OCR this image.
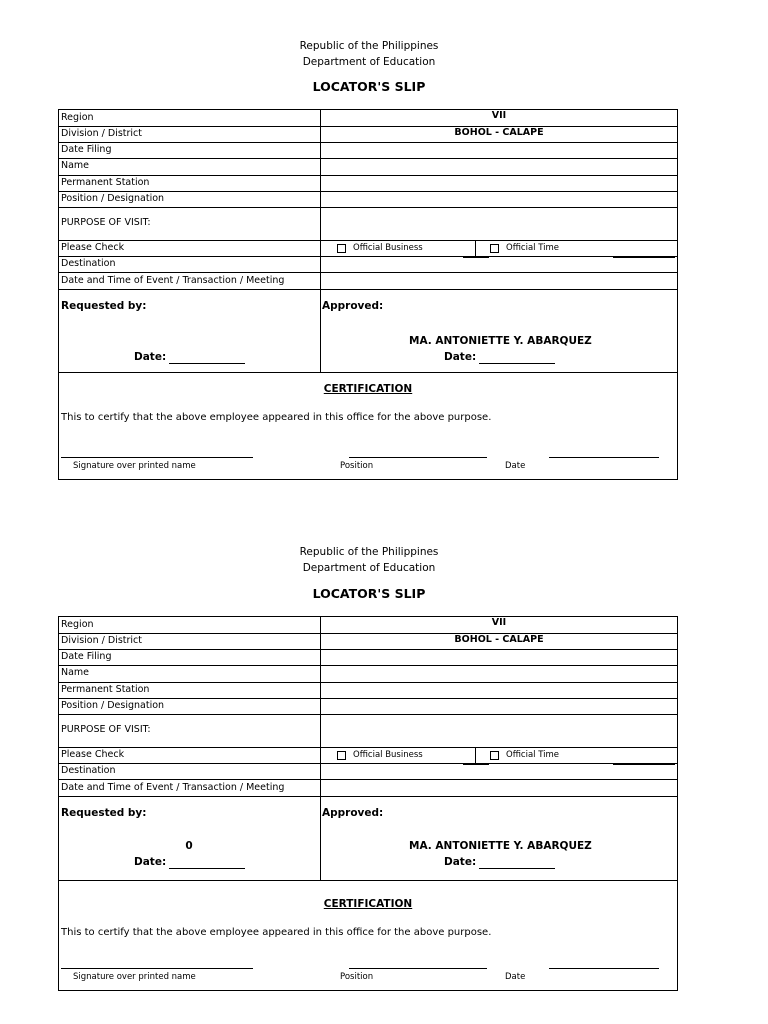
Republic of the Philippines
Department of Education
LOCATOR'S SLIP
Region	VII
Division / District	BOHOL - CALAPE
Date Filing
Name
Permanent Station
Position / Designation
PURPOSE OF VISIT:
Please Check	Official Business	Official Time
Destination
Date and Time of Event / Transaction / Meeting
Requested by:
Date:
Approved:
MA. ANTONIETTE Y. ABARQUEZ
Date:
CERTIFICATION
This to certify that the above employee appeared in this office for the above purpose.
Signature over printed name	Position	Date
Republic of the Philippines
Department of Education
LOCATOR'S SLIP
Region	VII
Division / District	BOHOL - CALAPE
Date Filing
Name
Permanent Station
Position / Designation
PURPOSE OF VISIT:
Please Check	Official Business	Official Time
Destination
Date and Time of Event / Transaction / Meeting
Requested by:
0
Date:
Approved:
MA. ANTONIETTE Y. ABARQUEZ
Date:
CERTIFICATION
This to certify that the above employee appeared in this office for the above purpose.
Signature over printed name	Position	Date
